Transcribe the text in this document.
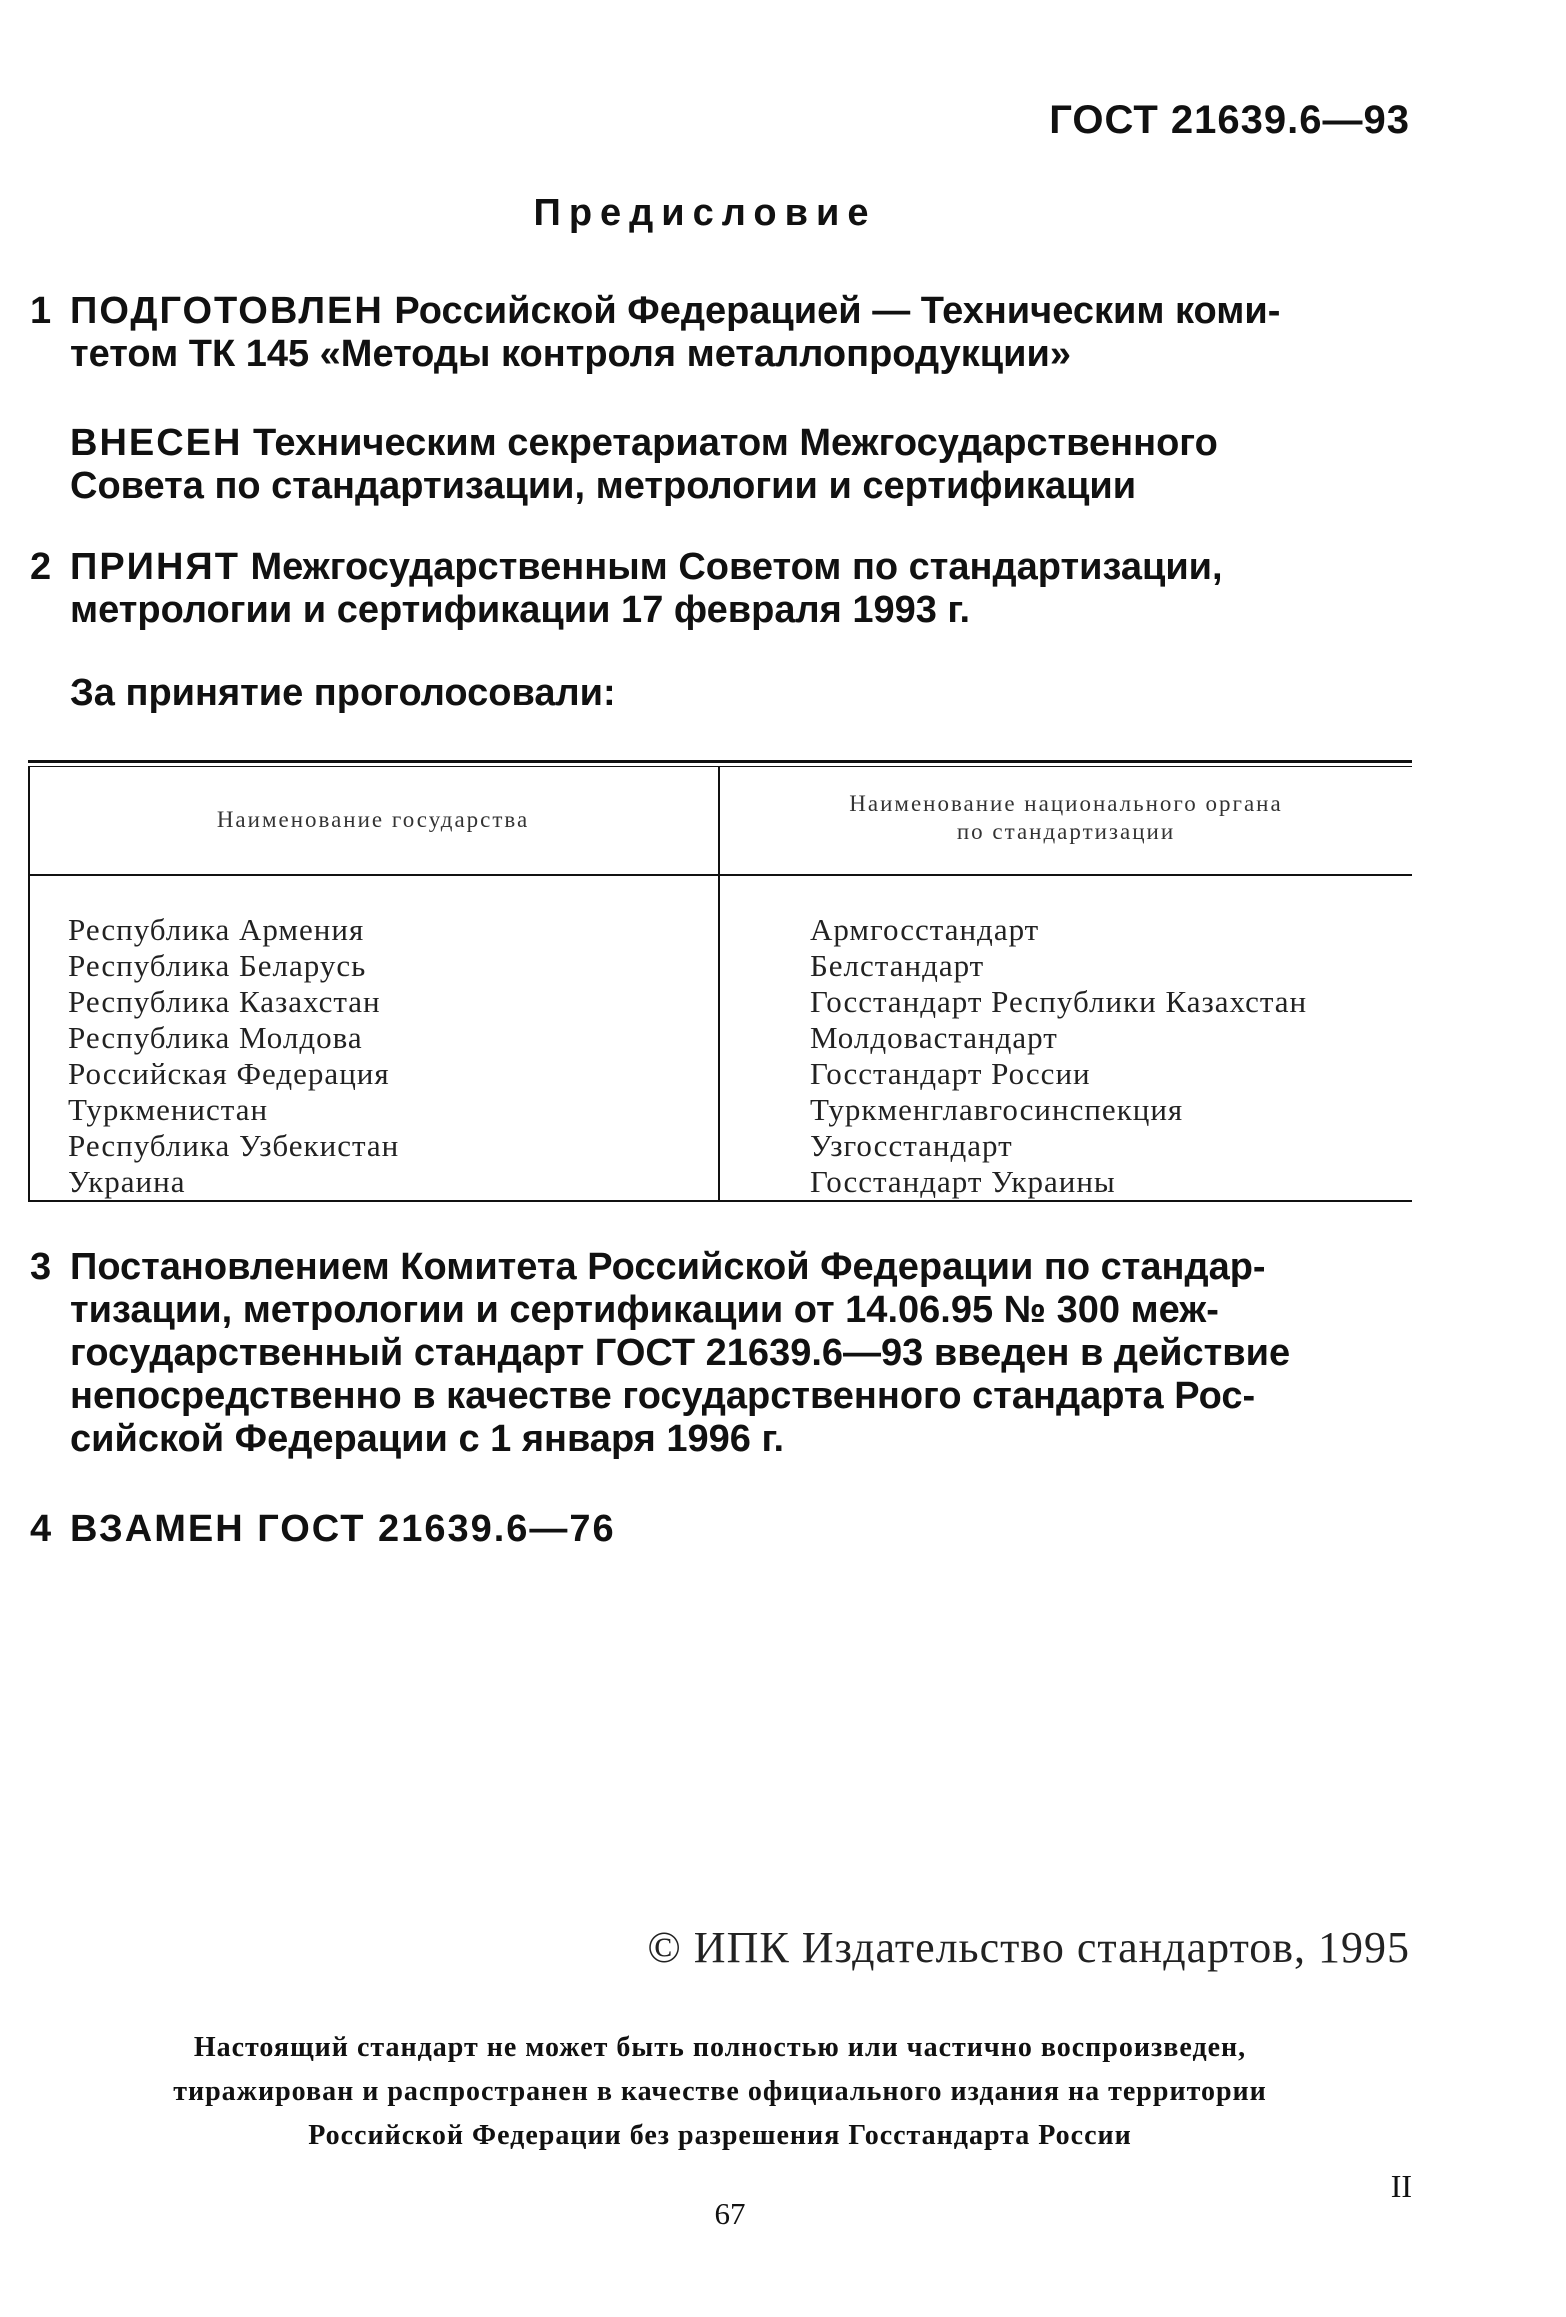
ГОСТ 21639.6—93
Предисловие
1 ПОДГОТОВЛЕН Российской Федерацией — Техническим коми-
тетом ТК 145 «Методы контроля металлопродукции»
ВНЕСЕН Техническим секретариатом Межгосударственного
Совета по стандартизации, метрологии и сертификации
2 ПРИНЯТ Межгосударственным Советом по стандартизации,
метрологии и сертификации 17 февраля 1993 г.
За принятие проголосовали:
Наименование государства
Наименование национального органа
по стандартизации
Республика Армения
Республика Беларусь
Республика Казахстан
Республика Молдова
Российская Федерация
Туркменистан
Республика Узбекистан
Украина
Армгосстандарт
Белстандарт
Госстандарт Республики Казахстан
Молдовастандарт
Госстандарт России
Туркменглавгосинспекция
Узгосстандарт
Госстандарт Украины
3 Постановлением Комитета Российской Федерации по стандар-
тизации, метрологии и сертификации от 14.06.95 № 300 меж-
государственный стандарт ГОСТ 21639.6—93 введен в действие
непосредственно в качестве государственного стандарта Рос-
сийской Федерации с 1 января 1996 г.
4 ВЗАМЕН ГОСТ 21639.6—76
© ИПК Издательство стандартов, 1995
Настоящий стандарт не может быть полностью или частично воспроизведен,
тиражирован и распространен в качестве официального издания на территории
Российской Федерации без разрешения Госстандарта России
67
II
